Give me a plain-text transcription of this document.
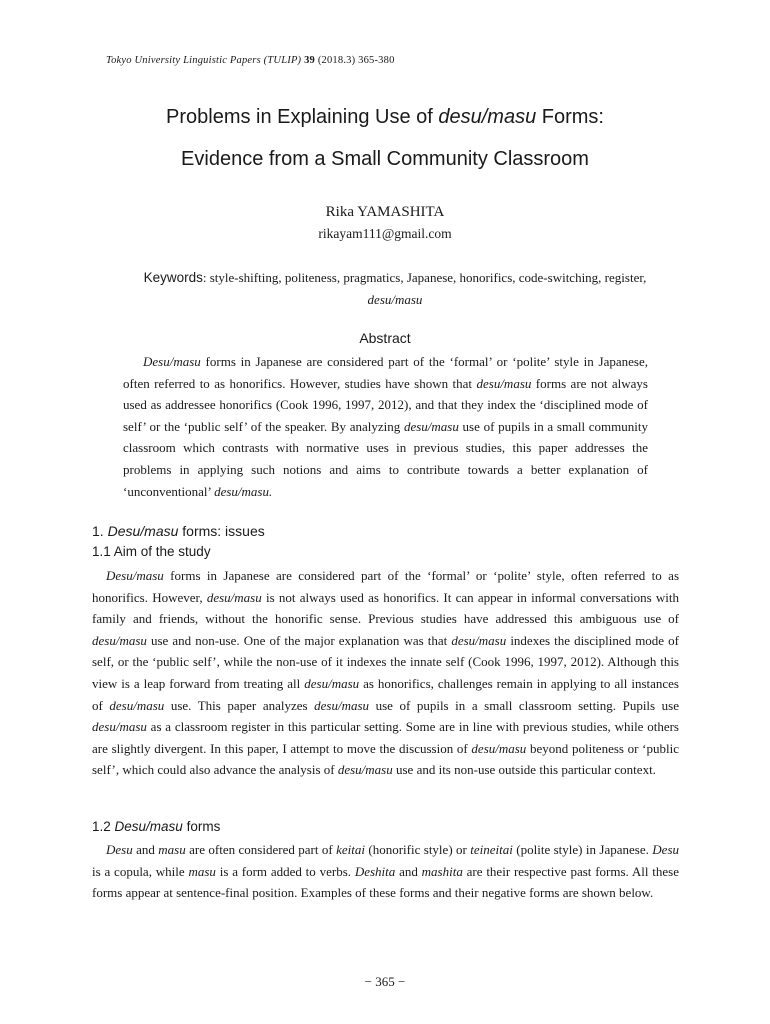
Tokyo University Linguistic Papers (TULIP) 39 (2018.3) 365-380
Problems in Explaining Use of desu/masu Forms:
Evidence from a Small Community Classroom
Rika YAMASHITA
rikayam111@gmail.com
Keywords: style-shifting, politeness, pragmatics, Japanese, honorifics, code-switching, register,
desu/masu
Abstract
Desu/masu forms in Japanese are considered part of the ‘formal’ or ‘polite’ style in Japanese, often referred to as honorifics. However, studies have shown that desu/masu forms are not always used as addressee honorifics (Cook 1996, 1997, 2012), and that they index the ‘disciplined mode of self’ or the ‘public self’ of the speaker. By analyzing desu/masu use of pupils in a small community classroom which contrasts with normative uses in previous studies, this paper addresses the problems in applying such notions and aims to contribute towards a better explanation of ‘unconventional’ desu/masu.
1. Desu/masu forms: issues
1.1 Aim of the study
Desu/masu forms in Japanese are considered part of the ‘formal’ or ‘polite’ style, often referred to as honorifics. However, desu/masu is not always used as honorifics. It can appear in informal conversations with family and friends, without the honorific sense. Previous studies have addressed this ambiguous use of desu/masu use and non-use. One of the major explanation was that desu/masu indexes the disciplined mode of self, or the ‘public self’, while the non-use of it indexes the innate self (Cook 1996, 1997, 2012). Although this view is a leap forward from treating all desu/masu as honorifics, challenges remain in applying to all instances of desu/masu use. This paper analyzes desu/masu use of pupils in a small classroom setting. Pupils use desu/masu as a classroom register in this particular setting. Some are in line with previous studies, while others are slightly divergent. In this paper, I attempt to move the discussion of desu/masu beyond politeness or ‘public self’, which could also advance the analysis of desu/masu use and its non-use outside this particular context.
1.2 Desu/masu forms
Desu and masu are often considered part of keitai (honorific style) or teineitai (polite style) in Japanese. Desu is a copula, while masu is a form added to verbs. Deshita and mashita are their respective past forms. All these forms appear at sentence-final position. Examples of these forms and their negative forms are shown below.
− 365 −
